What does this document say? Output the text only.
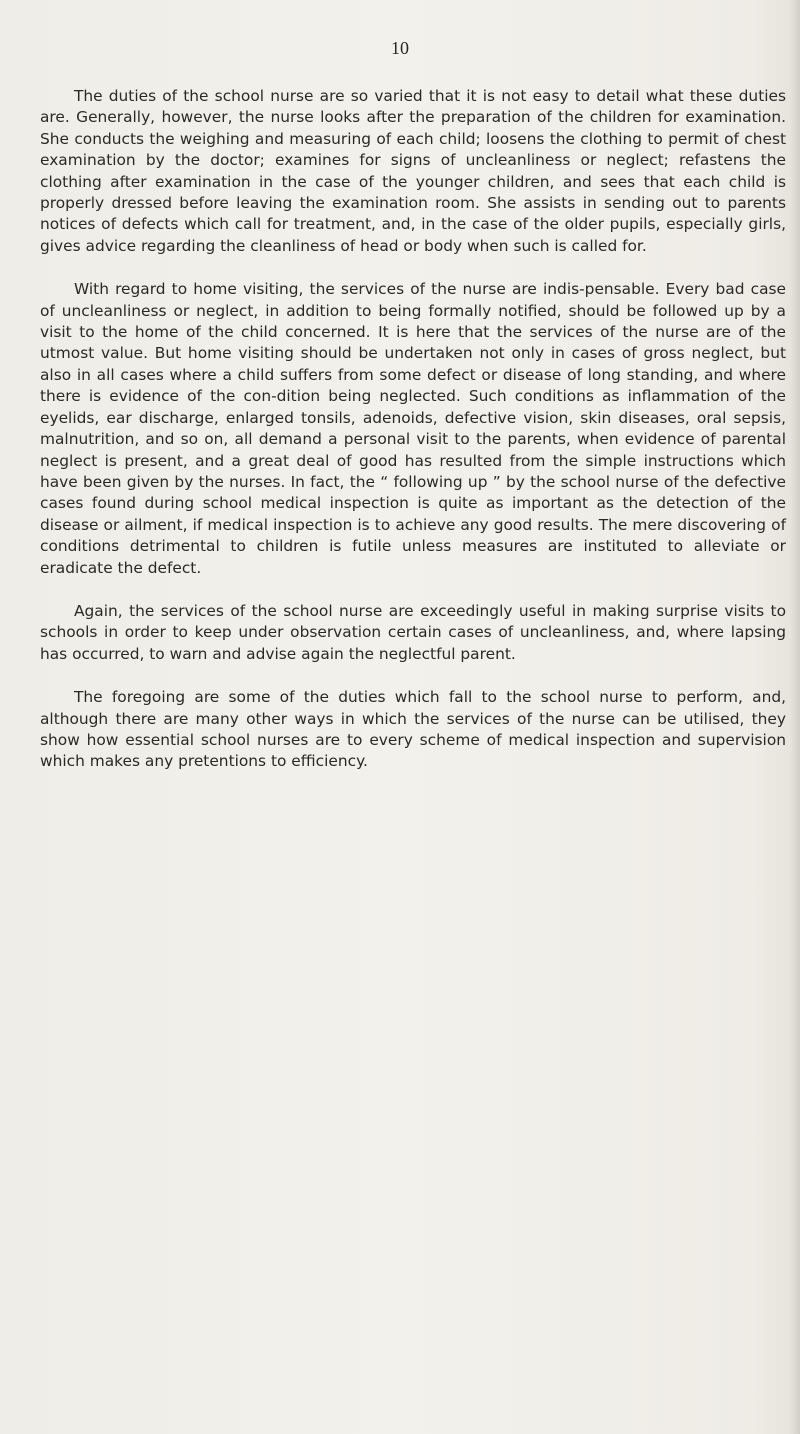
10

The duties of the school nurse are so varied that it is not easy to detail what these duties are. Generally, however, the nurse looks after the preparation of the children for examination. She conducts the weighing and measuring of each child; loosens the clothing to permit of chest examination by the doctor; examines for signs of uncleanliness or neglect; refastens the clothing after examination in the case of the younger children, and sees that each child is properly dressed before leaving the examination room. She assists in sending out to parents notices of defects which call for treatment, and, in the case of the older pupils, especially girls, gives advice regarding the cleanliness of head or body when such is called for.

With regard to home visiting, the services of the nurse are indis-pensable. Every bad case of uncleanliness or neglect, in addition to being formally notified, should be followed up by a visit to the home of the child concerned. It is here that the services of the nurse are of the utmost value. But home visiting should be undertaken not only in cases of gross neglect, but also in all cases where a child suffers from some defect or disease of long standing, and where there is evidence of the con-dition being neglected. Such conditions as inflammation of the eyelids, ear discharge, enlarged tonsils, adenoids, defective vision, skin diseases, oral sepsis, malnutrition, and so on, all demand a personal visit to the parents, when evidence of parental neglect is present, and a great deal of good has resulted from the simple instructions which have been given by the nurses. In fact, the “ following up ” by the school nurse of the defective cases found during school medical inspection is quite as important as the detection of the disease or ailment, if medical inspection is to achieve any good results. The mere discovering of conditions detrimental to children is futile unless measures are instituted to alleviate or eradicate the defect.

Again, the services of the school nurse are exceedingly useful in making surprise visits to schools in order to keep under observation certain cases of uncleanliness, and, where lapsing has occurred, to warn and advise again the neglectful parent.

The foregoing are some of the duties which fall to the school nurse to perform, and, although there are many other ways in which the services of the nurse can be utilised, they show how essential school nurses are to every scheme of medical inspection and supervision which makes any pretentions to efficiency.
